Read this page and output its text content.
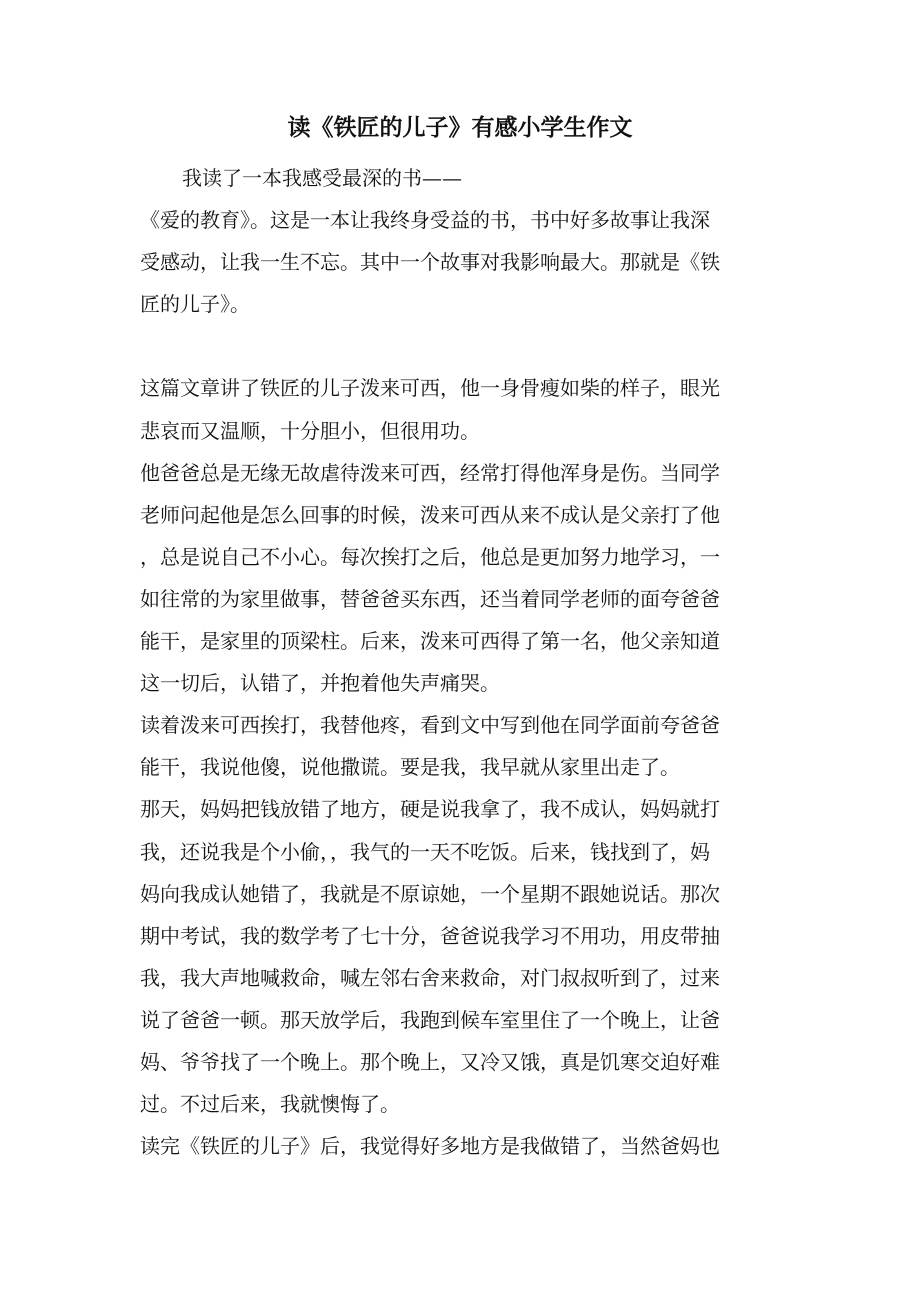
读《铁匠的儿子》有感小学生作文

我读了一本我感受最深的书——

《爱的教育》。这是一本让我终身受益的书，书中好多故事让我深

受感动，让我一生不忘。其中一个故事对我影响最大。那就是《铁

匠的儿子》。

这篇文章讲了铁匠的儿子泼来可西，他一身骨瘦如柴的样子，眼光

悲哀而又温顺，十分胆小，但很用功。

他爸爸总是无缘无故虐待泼来可西，经常打得他浑身是伤。当同学

老师问起他是怎么回事的时候，泼来可西从来不成认是父亲打了他

，总是说自己不小心。每次挨打之后，他总是更加努力地学习，一

如往常的为家里做事，替爸爸买东西，还当着同学老师的面夸爸爸

能干，是家里的顶梁柱。后来，泼来可西得了第一名，他父亲知道

这一切后，认错了，并抱着他失声痛哭。

读着泼来可西挨打，我替他疼，看到文中写到他在同学面前夸爸爸

能干，我说他傻，说他撒谎。要是我，我早就从家里出走了。

那天，妈妈把钱放错了地方，硬是说我拿了，我不成认，妈妈就打

我，还说我是个小偷，，我气的一天不吃饭。后来，钱找到了，妈

妈向我成认她错了，我就是不原谅她，一个星期不跟她说话。那次

期中考试，我的数学考了七十分，爸爸说我学习不用功，用皮带抽

我，我大声地喊救命，喊左邻右舍来救命，对门叔叔听到了，过来

说了爸爸一顿。那天放学后，我跑到候车室里住了一个晚上，让爸

妈、爷爷找了一个晚上。那个晚上，又冷又饿，真是饥寒交迫好难

过。不过后来，我就懊悔了。

读完《铁匠的儿子》后，我觉得好多地方是我做错了，当然爸妈也
